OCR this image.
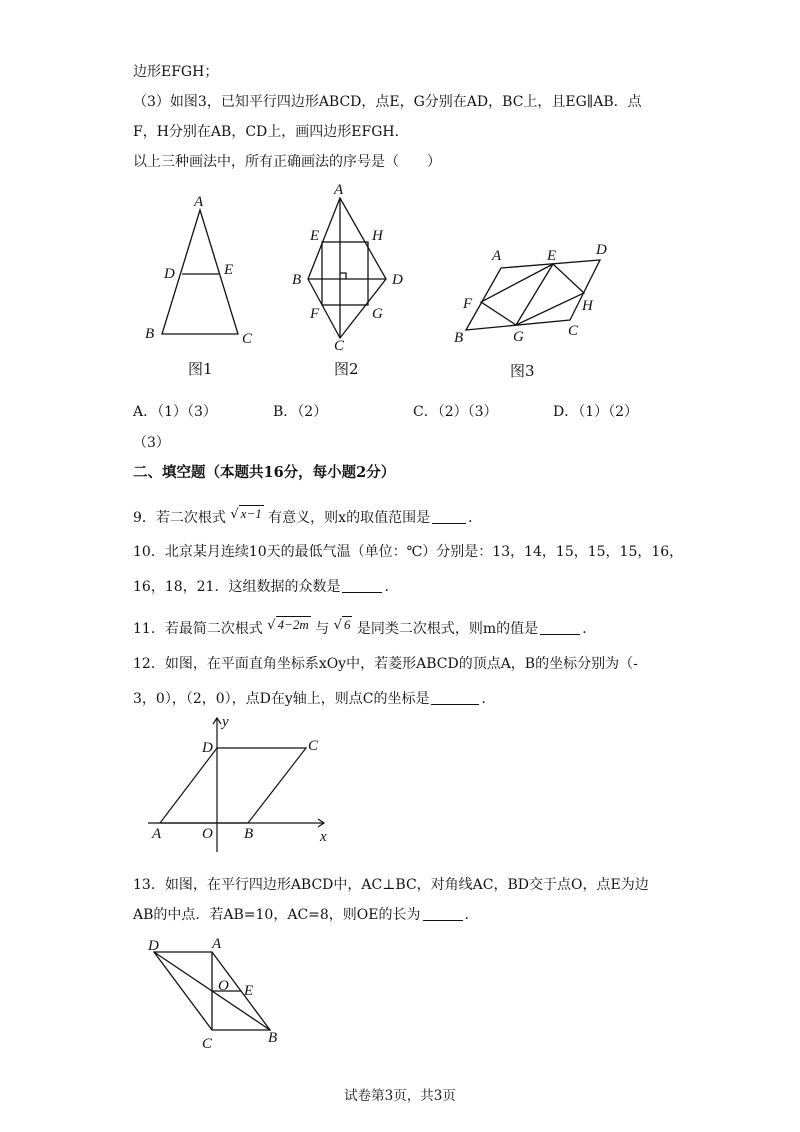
边形EFGH；
（3）如图3，已知平行四边形ABCD，点E，G分别在AD，BC上，且EG∥AB．点
F，H分别在AB，CD上，画四边形EFGH．
以上三种画法中，所有正确画法的序号是（　　）
A
D	E
B	C
图1
A
E	H
B	D
F	G
C
图2
A	E	D
F	H
B	G	C
图3
A．（1）（3）	B．（2）	C．（2）（3）	D．（1）（2）
（3）
二、填空题（本题共16分，每小题2分）
9．若二次根式 √ x−1 有意义，则x的取值范围是	．
10．北京某月连续10天的最低气温（单位：℃）分别是：13，14，15，15，15，16，
16，18，21．这组数据的众数是	．
11．若最简二次根式 √ 4−2m 与 √ 6 是同类二次根式，则m的值是	．
12．如图，在平面直角坐标系xOy中，若菱形ABCD的顶点A，B的坐标分别为（-
3，0），（2，0），点D在y轴上，则点C的坐标是	．
y
D	C
A	O B	x
13．如图，在平行四边形ABCD中，AC⊥BC，对角线AC，BD交于点O，点E为边
AB的中点．若AB=10，AC=8，则OE的长为	．
D	A
O E
C	B
试卷第3页，共3页
